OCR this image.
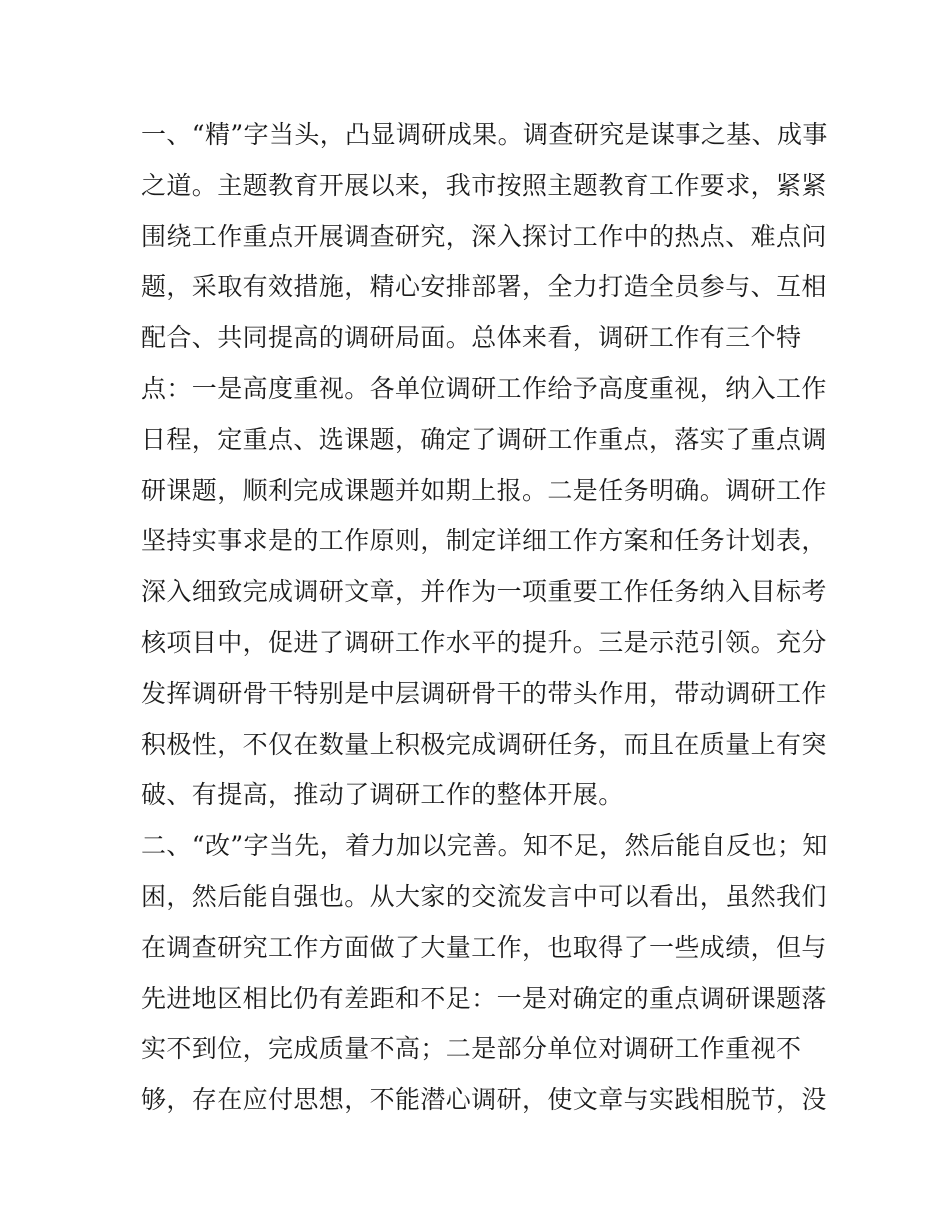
一、“精”字当头，凸显调研成果。调查研究是谋事之基、成事
之道。主题教育开展以来，我市按照主题教育工作要求，紧紧
围绕工作重点开展调查研究，深入探讨工作中的热点、难点问
题，采取有效措施，精心安排部署，全力打造全员参与、互相
配合、共同提高的调研局面。总体来看，调研工作有三个特
点：一是高度重视。各单位调研工作给予高度重视，纳入工作
日程，定重点、选课题，确定了调研工作重点，落实了重点调
研课题，顺利完成课题并如期上报。二是任务明确。调研工作
坚持实事求是的工作原则，制定详细工作方案和任务计划表，
深入细致完成调研文章，并作为一项重要工作任务纳入目标考
核项目中，促进了调研工作水平的提升。三是示范引领。充分
发挥调研骨干特别是中层调研骨干的带头作用，带动调研工作
积极性，不仅在数量上积极完成调研任务，而且在质量上有突
破、有提高，推动了调研工作的整体开展。
二、“改”字当先，着力加以完善。知不足，然后能自反也；知
困，然后能自强也。从大家的交流发言中可以看出，虽然我们
在调查研究工作方面做了大量工作，也取得了一些成绩，但与
先进地区相比仍有差距和不足：一是对确定的重点调研课题落
实不到位，完成质量不高；二是部分单位对调研工作重视不
够，存在应付思想，不能潜心调研，使文章与实践相脱节，没
